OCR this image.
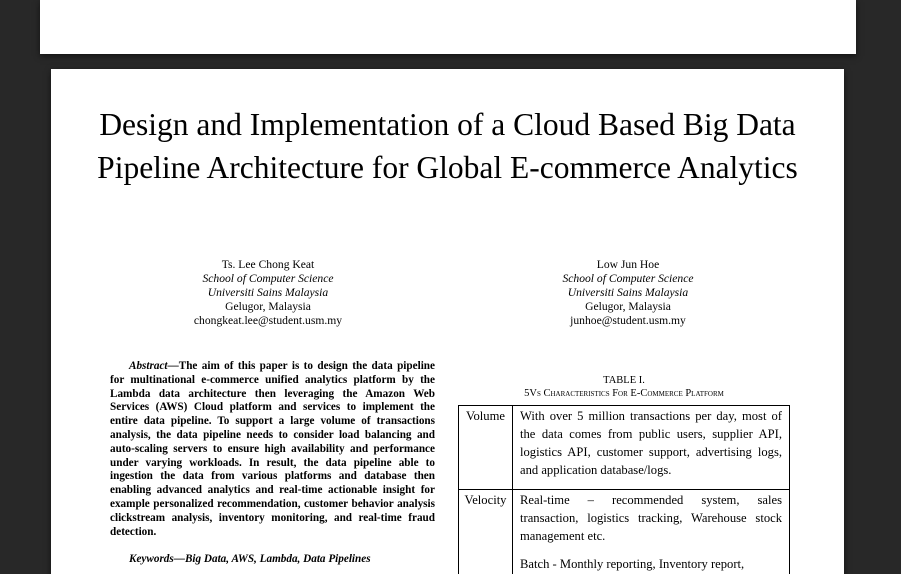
Design and Implementation of a Cloud Based Big Data Pipeline Architecture for Global E-commerce Analytics
Ts. Lee Chong Keat
School of Computer Science
Universiti Sains Malaysia
Gelugor, Malaysia
chongkeat.lee@student.usm.my
Low Jun Hoe
School of Computer Science
Universiti Sains Malaysia
Gelugor, Malaysia
junhoe@student.usm.my

Abstract—The aim of this paper is to design the data pipeline for multinational e-commerce unified analytics platform by the Lambda data architecture then leveraging the Amazon Web Services (AWS) Cloud platform and services to implement the entire data pipeline. To support a large volume of transactions analysis, the data pipeline needs to consider load balancing and auto-scaling servers to ensure high availability and performance under varying workloads. In result, the data pipeline able to ingestion the data from various platforms and database then enabling advanced analytics and real-time actionable insight for example personalized recommendation, customer behavior analysis clickstream analysis, inventory monitoring, and real-time fraud detection.

Keywords—Big Data, AWS, Lambda, Data Pipelines
TABLE I.
5Vs Characteristics For E-Commerce Platform
Volume	With over 5 million transactions per day, most of the data comes from public users, supplier API, logistics API, customer support, advertising logs, and application database/logs.

Velocity	Real-time – recommended system, sales transaction, logistics tracking, Warehouse stock management etc.

Batch - Monthly reporting, Inventory report,
